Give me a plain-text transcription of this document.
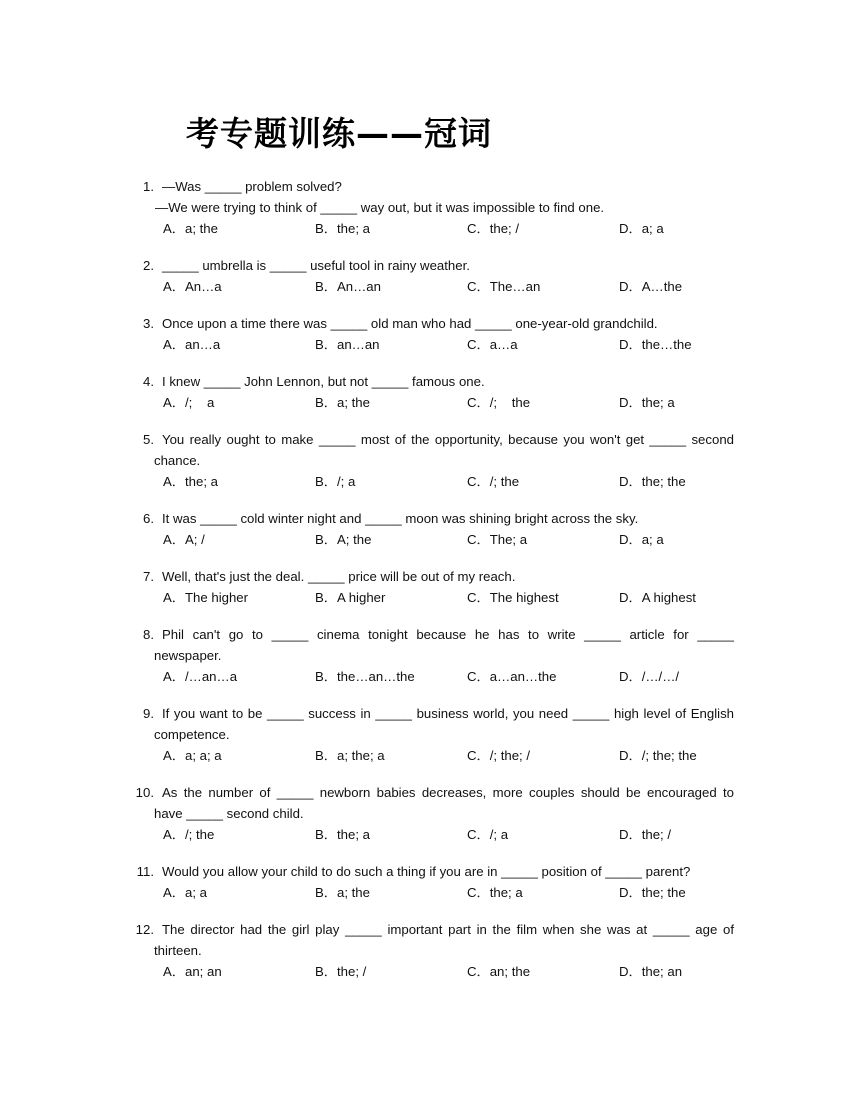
考专题训练——冠词
1. —Was _____ problem solved?
—We were trying to think of _____ way out, but it was impossible to find one.
A．a; the	B．the; a	C．the; /	D．a; a
2. _____ umbrella is _____ useful tool in rainy weather.
A．An…a	B．An…an	C．The…an	D．A…the
3. Once upon a time there was _____ old man who had _____ one-year-old grandchild.
A．an…a	B．an…an	C．a…a	D．the…the
4. I knew _____ John Lennon, but not _____ famous one.
A．/;    a	B．a; the	C．/;    the	D．the; a
5. You really ought to make _____ most of the opportunity, because you won't get _____ second
chance.
A．the; a	B．/; a	C．/; the	D．the; the
6. It was _____ cold winter night and _____ moon was shining bright across the sky.
A．A; /	B．A; the	C．The; a	D．a; a
7. Well, that's just the deal. _____ price will be out of my reach.
A．The higher	B．A higher	C．The highest	D．A highest
8. Phil can't go to _____ cinema tonight because he has to write _____ article for _____
newspaper.
A．/…an…a	B．the…an…the	C．a…an…the	D．/…/…/
9. If you want to be _____ success in _____ business world, you need _____ high level of English
competence.
A．a; a; a	B．a; the; a	C．/; the; /	D．/; the; the
10. As the number of _____ newborn babies decreases, more couples should be encouraged to
have _____ second child.
A．/; the	B．the; a	C．/; a	D．the; /
11. Would you allow your child to do such a thing if you are in _____ position of _____ parent?
A．a; a	B．a; the	C．the; a	D．the; the
12. The director had the girl play _____ important part in the film when she was at _____ age of
thirteen.
A．an; an	B．the; /	C．an; the	D．the; an
